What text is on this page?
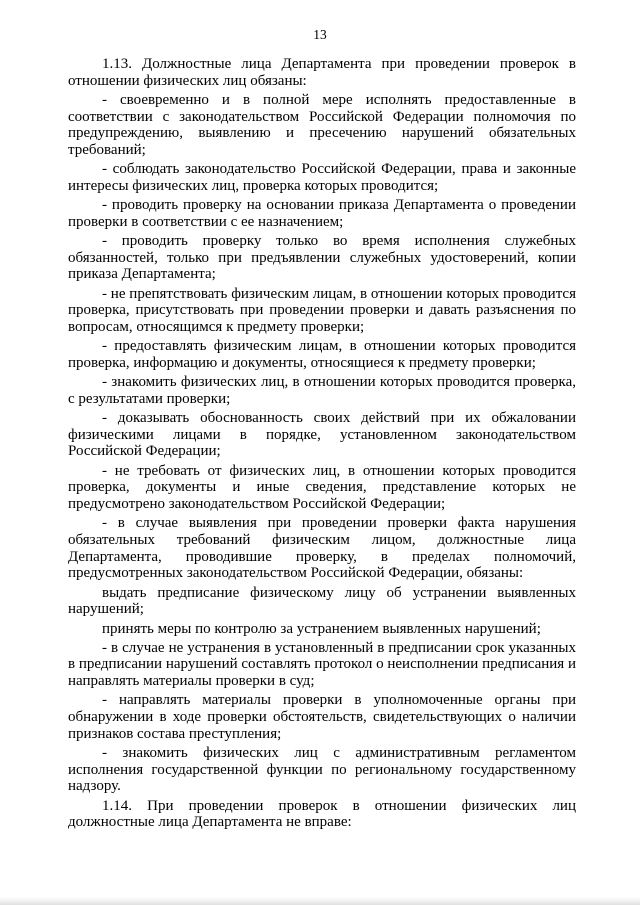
13

1.13. Должностные лица Департамента при проведении проверок в отношении физических лиц обязаны:

- своевременно и в полной мере исполнять предоставленные в соответствии с законодательством Российской Федерации полномочия по предупреждению, выявлению и пресечению нарушений обязательных требований;

- соблюдать законодательство Российской Федерации, права и законные интересы физических лиц, проверка которых проводится;

- проводить проверку на основании приказа Департамента о проведении проверки в соответствии с ее назначением;

- проводить проверку только во время исполнения служебных обязанностей, только при предъявлении служебных удостоверений, копии приказа Департамента;

- не препятствовать физическим лицам, в отношении которых проводится проверка, присутствовать при проведении проверки и давать разъяснения по вопросам, относящимся к предмету проверки;

- предоставлять физическим лицам, в отношении которых проводится проверка, информацию и документы, относящиеся к предмету проверки;

- знакомить физических лиц, в отношении которых проводится проверка, с результатами проверки;

- доказывать обоснованность своих действий при их обжаловании физическими лицами в порядке, установленном законодательством Российской Федерации;

- не требовать от физических лиц, в отношении которых проводится проверка, документы и иные сведения, представление которых не предусмотрено законодательством Российской Федерации;

- в случае выявления при проведении проверки факта нарушения обязательных требований физическим лицом, должностные лица Департамента, проводившие проверку, в пределах полномочий, предусмотренных законодательством Российской Федерации, обязаны:

выдать предписание физическому лицу об устранении выявленных нарушений;

принять меры по контролю за устранением выявленных нарушений;

- в случае не устранения в установленный в предписании срок указанных в предписании нарушений составлять протокол о неисполнении предписания и направлять материалы проверки в суд;

- направлять материалы проверки в уполномоченные органы при обнаружении в ходе проверки обстоятельств, свидетельствующих о наличии признаков состава преступления;

- знакомить физических лиц с административным регламентом исполнения государственной функции по региональному государственному надзору.

1.14. При проведении проверок в отношении физических лиц должностные лица Департамента не вправе:
